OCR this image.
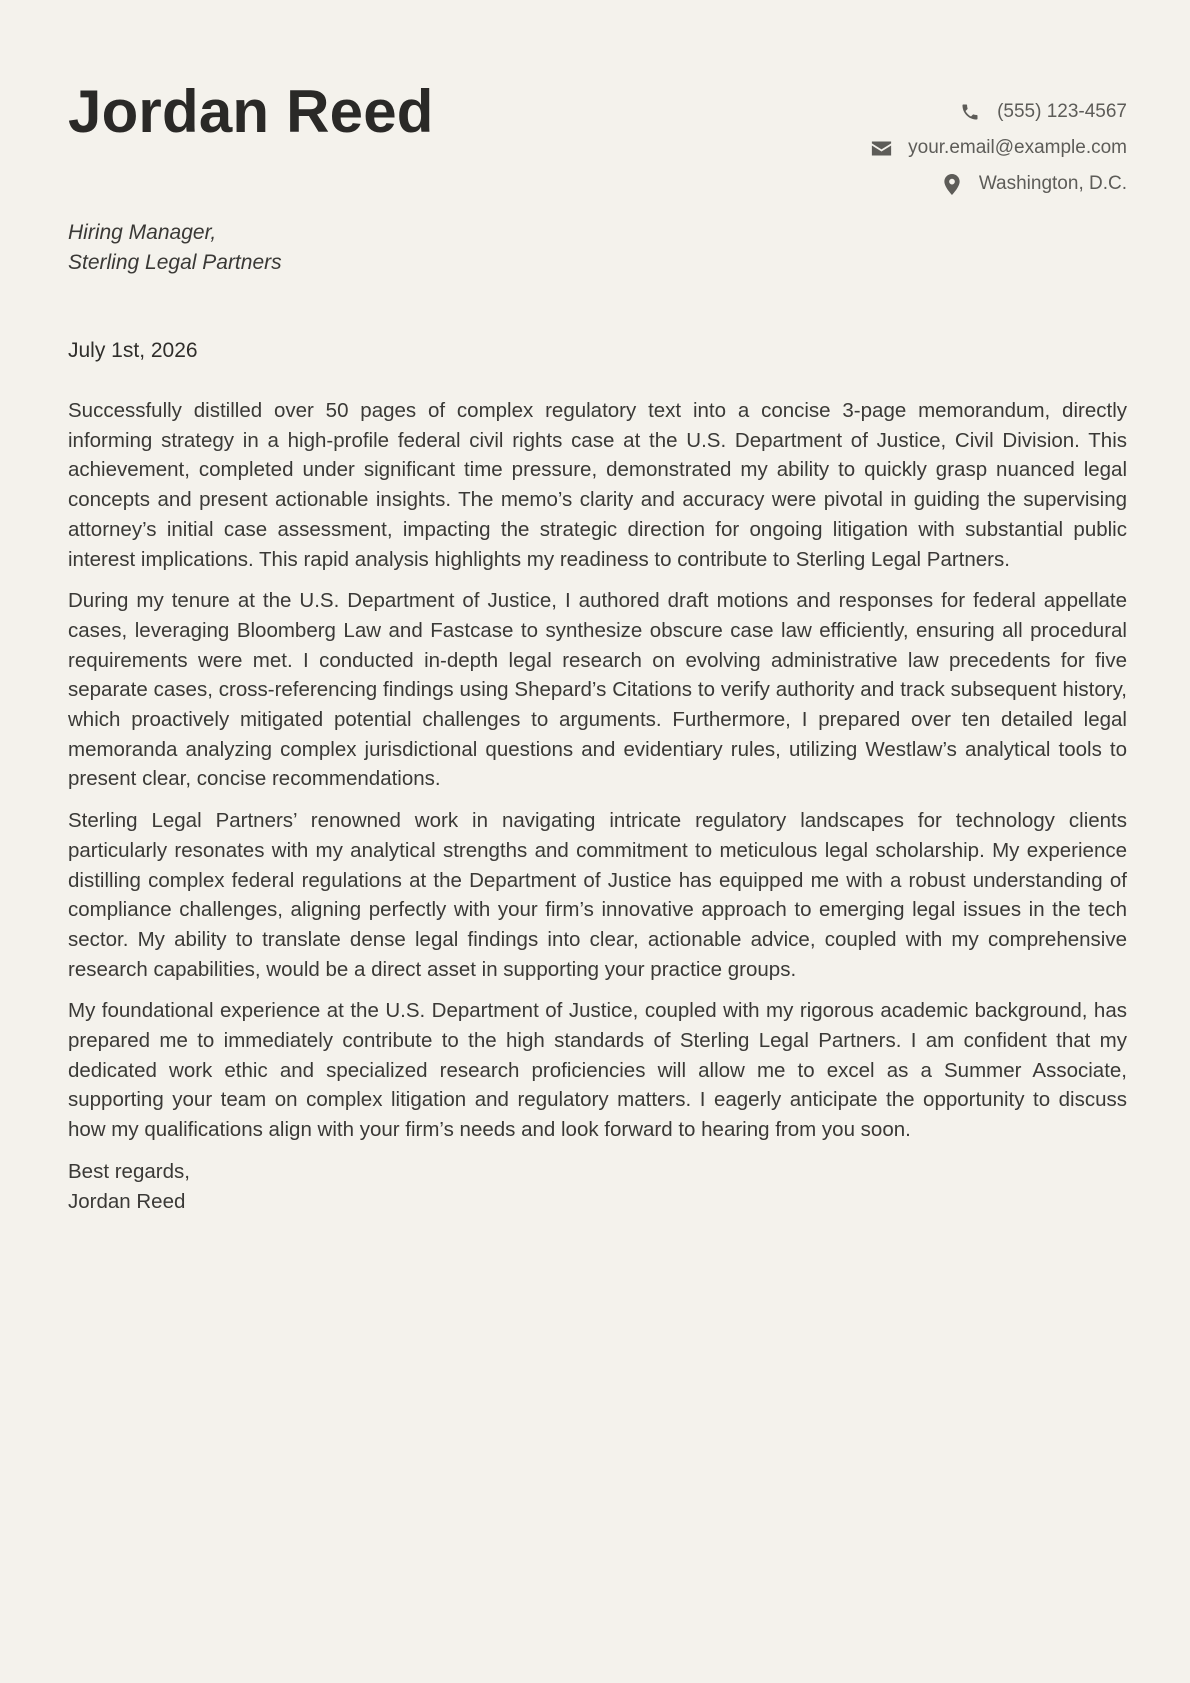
Jordan Reed	(555) 123-4567
your.email@example.com
Washington, D.C.
Hiring Manager,
Sterling Legal Partners
July 1st, 2026

Successfully distilled over 50 pages of complex regulatory text into a concise 3-page memorandum, directly informing strategy in a high-profile federal civil rights case at the U.S. Department of Justice, Civil Division. This achievement, completed under significant time pressure, demonstrated my ability to quickly grasp nuanced legal concepts and present actionable insights. The memo’s clarity and accuracy were pivotal in guiding the supervising attorney’s initial case assessment, impacting the strategic direction for ongoing litigation with substantial public interest implications. This rapid analysis highlights my readiness to contribute to Sterling Legal Partners.

During my tenure at the U.S. Department of Justice, I authored draft motions and responses for federal appellate cases, leveraging Bloomberg Law and Fastcase to synthesize obscure case law efficiently, ensuring all procedural requirements were met. I conducted in-depth legal research on evolving administrative law precedents for five separate cases, cross-referencing findings using Shepard’s Citations to verify authority and track subsequent history, which proactively mitigated potential challenges to arguments. Furthermore, I prepared over ten detailed legal memoranda analyzing complex jurisdictional questions and evidentiary rules, utilizing Westlaw’s analytical tools to present clear, concise recommendations.

Sterling Legal Partners’ renowned work in navigating intricate regulatory landscapes for technology clients particularly resonates with my analytical strengths and commitment to meticulous legal scholarship. My experience distilling complex federal regulations at the Department of Justice has equipped me with a robust understanding of compliance challenges, aligning perfectly with your firm’s innovative approach to emerging legal issues in the tech sector. My ability to translate dense legal findings into clear, actionable advice, coupled with my comprehensive research capabilities, would be a direct asset in supporting your practice groups.

My foundational experience at the U.S. Department of Justice, coupled with my rigorous academic background, has prepared me to immediately contribute to the high standards of Sterling Legal Partners. I am confident that my dedicated work ethic and specialized research proficiencies will allow me to excel as a Summer Associate, supporting your team on complex litigation and regulatory matters. I eagerly anticipate the opportunity to discuss how my qualifications align with your firm’s needs and look forward to hearing from you soon.

Best regards,
Jordan Reed
